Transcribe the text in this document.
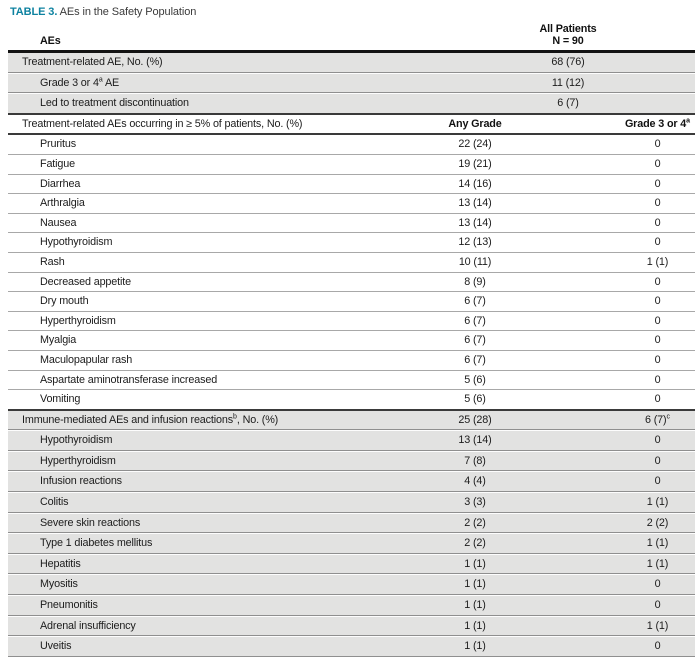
TABLE 3. AEs in the Safety Population
AEs	All Patients
N = 90	

Treatment-related AE, No. (%)	68 (76)	
Grade 3 or 4$^a$ AE	11 (12)	
Led to treatment discontinuation	6 (7)	
Treatment-related AEs occurring in ≥ 5% of patients, No. (%)	Any Grade	Grade 3 or 4$^a$
Pruritus	22 (24)	0
Fatigue	19 (21)	0
Diarrhea	14 (16)	0
Arthralgia	13 (14)	0
Nausea	13 (14)	0
Hypothyroidism	12 (13)	0
Rash	10 (11)	1 (1)
Decreased appetite	8 (9)	0
Dry mouth	6 (7)	0
Hyperthyroidism	6 (7)	0
Myalgia	6 (7)	0
Maculopapular rash	6 (7)	0
Aspartate aminotransferase increased	5 (6)	0
Vomiting	5 (6)	0
Immune-mediated AEs and infusion reactions$^b$, No. (%)	25 (28)	6 $(7)^c$
Hypothyroidism	13 (14)	0
Hyperthyroidism	7 (8)	0
Infusion reactions	4 (4)	0
Colitis	3 (3)	1 (1)
Severe skin reactions	2 (2)	2 (2)
Type 1 diabetes mellitus	2 (2)	1 (1)
Hepatitis	1 (1)	1 (1)
Myositis	1 (1)	0
Pneumonitis	1 (1)	0
Adrenal insufficiency	1 (1)	1 (1)
Uveitis	1 (1)	0
